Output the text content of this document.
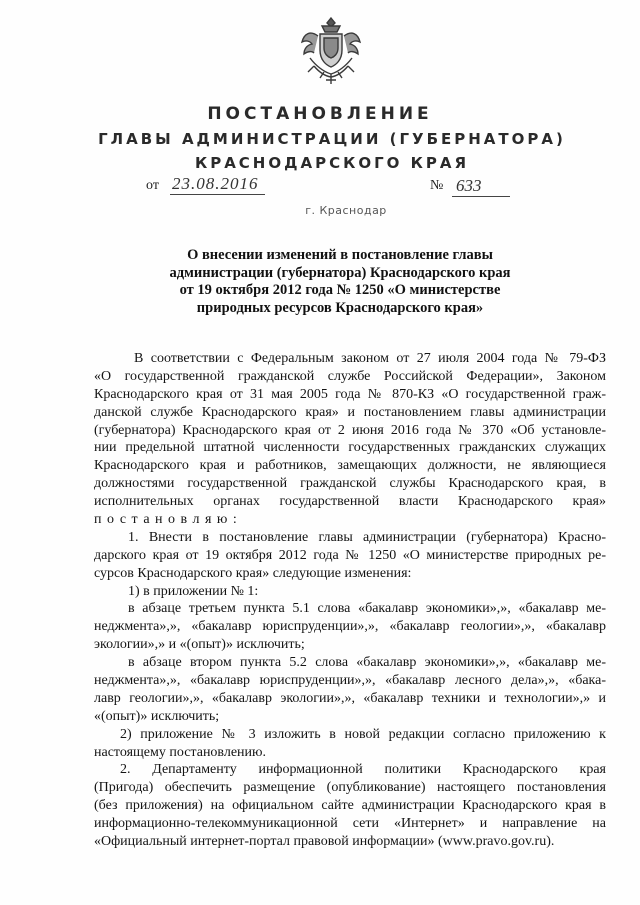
ПОСТАНОВЛЕНИЕ
ГЛАВЫ АДМИНИСТРАЦИИ (ГУБЕРНАТОРА)
КРАСНОДАРСКОГО КРАЯ
от 23.08.2016	№ 633
г. Краснодар
О внесении изменений в постановление главы
администрации (губернатора) Краснодарского края
от 19 октября 2012 года № 1250 «О министерстве
природных ресурсов Краснодарского края»
В соответствии с Федеральным законом от 27 июля 2004 года № 79-ФЗ
«О государственной гражданской службе Российской Федерации», Законом
Краснодарского края от 31 мая 2005 года № 870-КЗ «О государственной граж-
данской службе Краснодарского края» и постановлением главы администрации
(губернатора) Краснодарского края от 2 июня 2016 года № 370 «Об установле-
нии предельной штатной численности государственных гражданских служащих
Краснодарского края и работников, замещающих должности, не являющиеся
должностями государственной гражданской службы Краснодарского края, в
исполнительных органах государственной власти Краснодарского края»
постановляю:
1. Внести в постановление главы администрации (губернатора) Красно-
дарского края от 19 октября 2012 года № 1250 «О министерстве природных ре-
сурсов Краснодарского края» следующие изменения:
1) в приложении № 1:
в абзаце третьем пункта 5.1 слова «бакалавр экономики»,», «бакалавр ме-
неджмента»,», «бакалавр юриспруденции»,», «бакалавр геологии»,», «бакалавр
экологии»,» и «(опыт)» исключить;
в абзаце втором пункта 5.2 слова «бакалавр экономики»,», «бакалавр ме-
неджмента»,», «бакалавр юриспруденции»,», «бакалавр лесного дела»,», «бака-
лавр геологии»,», «бакалавр экологии»,», «бакалавр техники и технологии»,» и
«(опыт)» исключить;
2) приложение № 3 изложить в новой редакции согласно приложению к
настоящему постановлению.
2. Департаменту информационной политики Краснодарского края
(Пригода) обеспечить размещение (опубликование) настоящего постановления
(без приложения) на официальном сайте администрации Краснодарского края в
информационно-телекоммуникационной сети «Интернет» и направление на
«Официальный интернет-портал правовой информации» (www.pravo.gov.ru).
